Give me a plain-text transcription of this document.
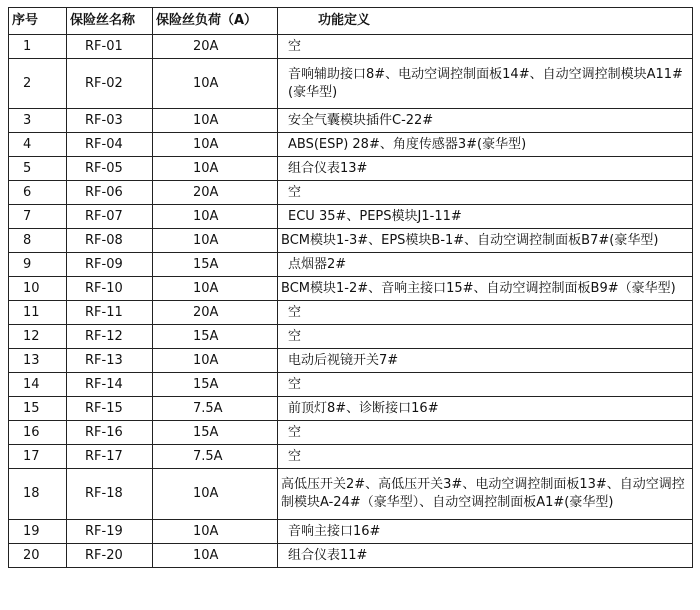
序号	保险丝名称	保险丝负荷（A）	功能定义
1	RF-01	20A	空
2	RF-02	10A	音响辅助接口8#、电动空调控制面板14#、自动空调控制模块A11#(豪华型)
3	RF-03	10A	安全气囊模块插件C-22#
4	RF-04	10A	ABS(ESP) 28#、角度传感器3#(豪华型)
5	RF-05	10A	组合仪表13#
6	RF-06	20A	空
7	RF-07	10A	ECU 35#、PEPS模块J1-11#
8	RF-08	10A	BCM模块1-3#、EPS模块B-1#、自动空调控制面板B7#(豪华型)
9	RF-09	15A	点烟器2#
10	RF-10	10A	BCM模块1-2#、音响主接口15#、自动空调控制面板B9#（豪华型)
11	RF-11	20A	空
12	RF-12	15A	空
13	RF-13	10A	电动后视镜开关7#
14	RF-14	15A	空
15	RF-15	7.5A	前顶灯8#、诊断接口16#
16	RF-16	15A	空
17	RF-17	7.5A	空
18	RF-18	10A	高低压开关2#、高低压开关3#、电动空调控制面板13#、自动空调控制模块A-24#（豪华型）、自动空调控制面板A1#(豪华型)
19	RF-19	10A	音响主接口16#
20	RF-20	10A	组合仪表11#
